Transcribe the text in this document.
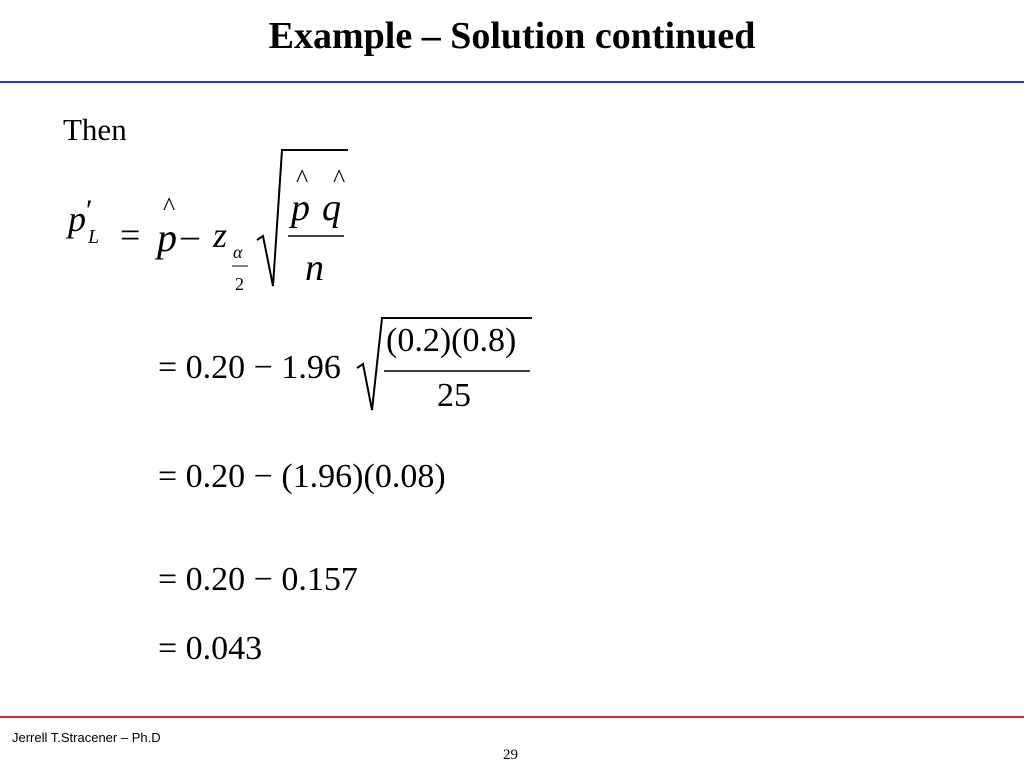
Example – Solution continued
Then
p ′
L =
^
p – z α
2
^
p
^
q
n
= 0.20 − 1.96
(0.2)(0.8)
25
= 0.20 − (1.96)(0.08)
= 0.20 − 0.157
= 0.043
Jerrell T.Stracener – Ph.D
29
